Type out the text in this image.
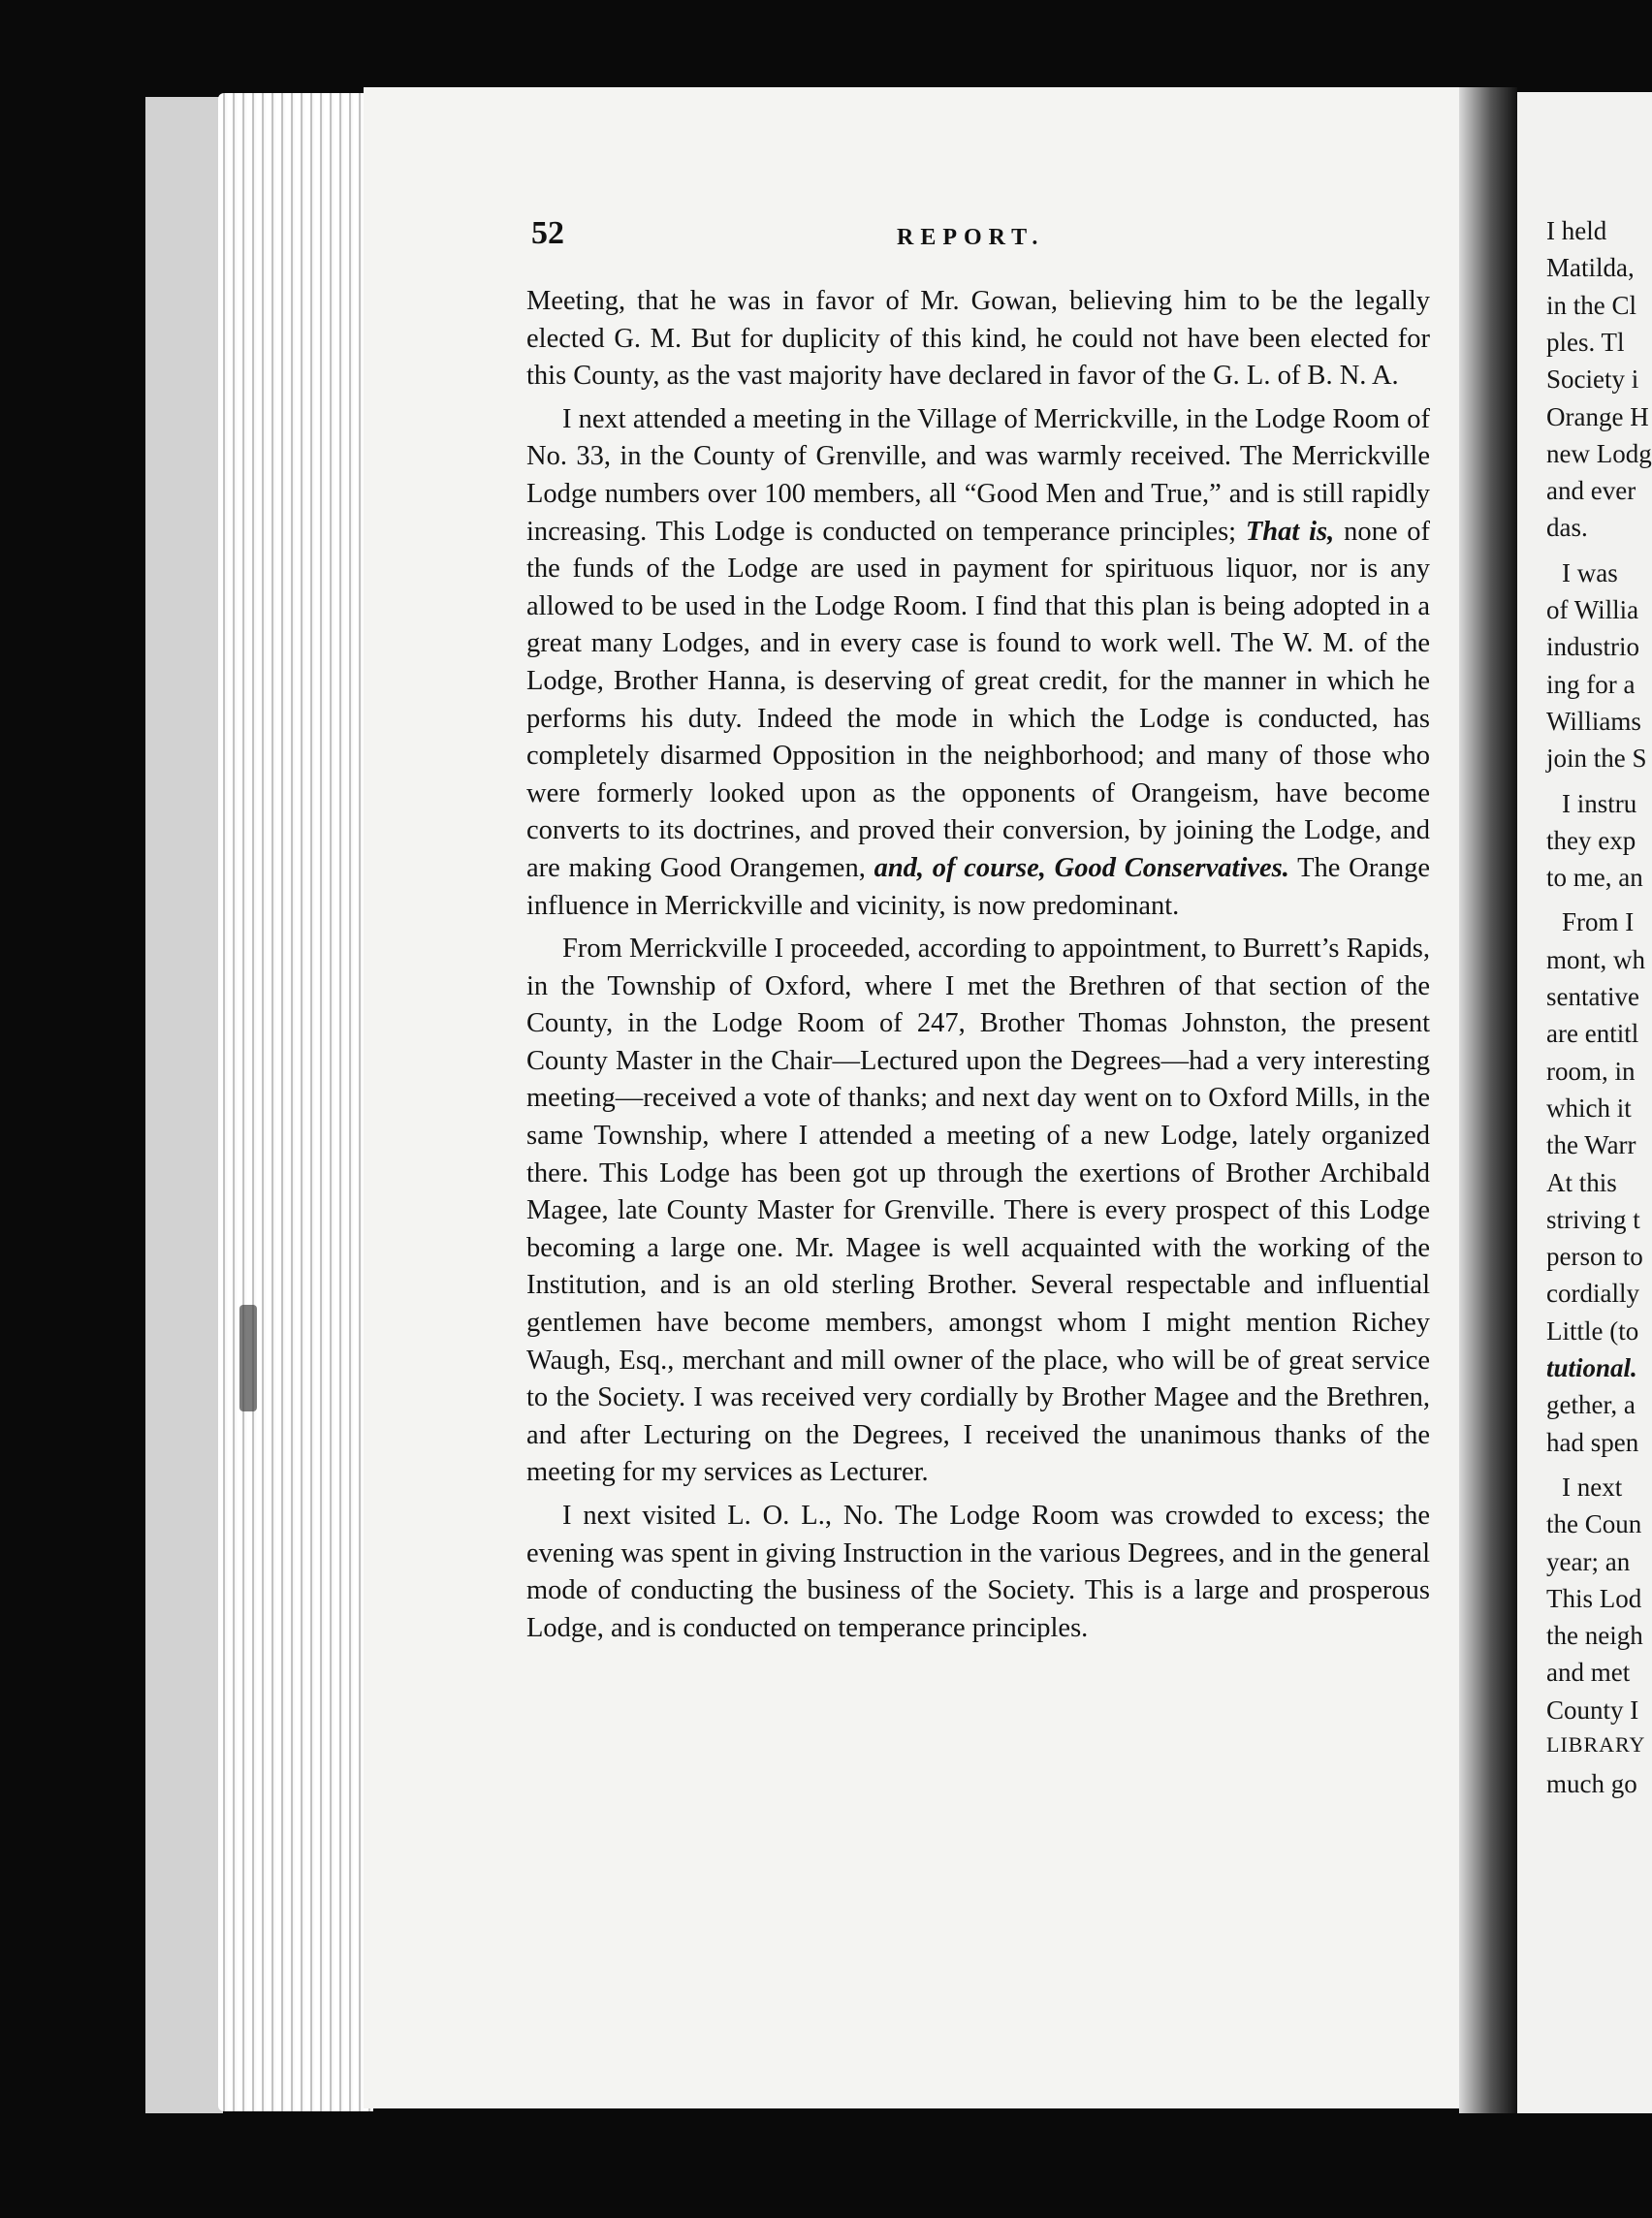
I held
Matilda,
in the Cl
ples. Tl
Society i
Orange H
new Lodg
and ever
das.
I was
of Willia
industrio
ing for a
Williams
join the S
I instru
they exp
to me, an
From I
mont, wh
sentative
are entitl
room, in
which it
the Warr
At this
striving t
person to
cordially
Little (to
tutional.
gether, a
had spen
I next
the Coun
year; an
This Lod
the neigh
and met
County I
LIBRARY
much go
52	REPORT.

Meeting, that he was in favor of Mr. Gowan, believing him to be the legally elected G. M. But for duplicity of this kind, he could not have been elected for this County, as the vast majority have declared in favor of the G. L. of B. N. A.

I next attended a meeting in the Village of Merrickville, in the Lodge Room of No. 33, in the County of Grenville, and was warmly received. The Merrickville Lodge numbers over 100 members, all “Good Men and True,” and is still rapidly increasing. This Lodge is conducted on temperance principles; That is, none of the funds of the Lodge are used in payment for spirituous liquor, nor is any allowed to be used in the Lodge Room. I find that this plan is being adopted in a great many Lodges, and in every case is found to work well. The W. M. of the Lodge, Brother Hanna, is deserving of great credit, for the manner in which he performs his duty. Indeed the mode in which the Lodge is conducted, has completely disarmed Opposition in the neighborhood; and many of those who were formerly looked upon as the opponents of Orangeism, have become converts to its doctrines, and proved their conversion, by joining the Lodge, and are making Good Orangemen, and, of course, Good Conservatives. The Orange influence in Merrickville and vicinity, is now predominant.

From Merrickville I proceeded, according to appointment, to Burrett’s Rapids, in the Township of Oxford, where I met the Brethren of that section of the County, in the Lodge Room of 247, Brother Thomas Johnston, the present County Master in the Chair—Lectured upon the Degrees—had a very interesting meeting—received a vote of thanks; and next day went on to Oxford Mills, in the same Township, where I attended a meeting of a new Lodge, lately organized there. This Lodge has been got up through the exertions of Brother Archibald Magee, late County Master for Grenville. There is every prospect of this Lodge becoming a large one. Mr. Magee is well acquainted with the working of the Institution, and is an old sterling Brother. Several respectable and influential gentlemen have become members, amongst whom I might mention Richey Waugh, Esq., merchant and mill owner of the place, who will be of great service to the Society. I was received very cordially by Brother Magee and the Brethren, and after Lecturing on the Degrees, I received the unanimous thanks of the meeting for my services as Lecturer.

I next visited L. O. L., No. The Lodge Room was crowded to excess; the evening was spent in giving Instruction in the various Degrees, and in the general mode of conducting the business of the Society. This is a large and prosperous Lodge, and is conducted on temperance principles.
